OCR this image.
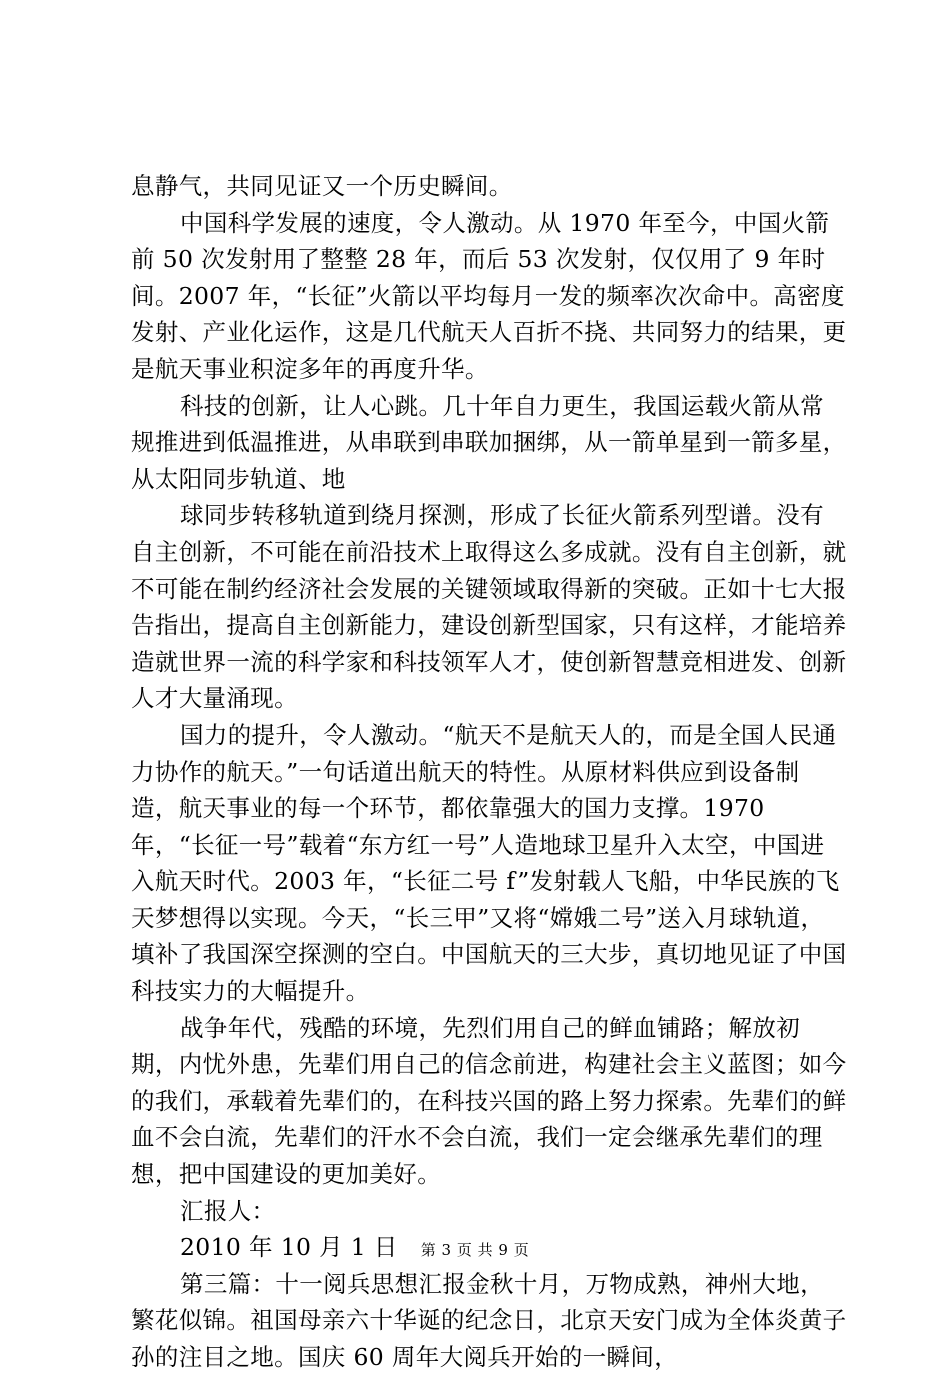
息静气，共同见证又一个历史瞬间。

中国科学发展的速度，令人激动。从 1970 年至今，中国火箭前 50 次发射用了整整 28 年，而后 53 次发射，仅仅用了 9 年时间。2007 年，“长征”火箭以平均每月一发的频率次次命中。高密度发射、产业化运作，这是几代航天人百折不挠、共同努力的结果，更是航天事业积淀多年的再度升华。

科技的创新，让人心跳。几十年自力更生，我国运载火箭从常规推进到低温推进，从串联到串联加捆绑，从一箭单星到一箭多星，从太阳同步轨道、地

球同步转移轨道到绕月探测，形成了长征火箭系列型谱。没有自主创新，不可能在前沿技术上取得这么多成就。没有自主创新，就不可能在制约经济社会发展的关键领域取得新的突破。正如十七大报告指出，提高自主创新能力，建设创新型国家，只有这样，才能培养造就世界一流的科学家和科技领军人才，使创新智慧竞相进发、创新人才大量涌现。

国力的提升，令人激动。“航天不是航天人的，而是全国人民通力协作的航天。”一句话道出航天的特性。从原材料供应到设备制造，航天事业的每一个环节，都依靠强大的国力支撑。1970 年，“长征一号”载着“东方红一号”人造地球卫星升入太空，中国进入航天时代。2003 年，“长征二号 f”发射载人飞船，中华民族的飞天梦想得以实现。今天，“长三甲”又将“嫦娥二号”送入月球轨道，填补了我国深空探测的空白。中国航天的三大步，真切地见证了中国科技实力的大幅提升。

战争年代，残酷的环境，先烈们用自己的鲜血铺路；解放初期，内忧外患，先辈们用自己的信念前进，构建社会主义蓝图；如今的我们，承载着先辈们的，在科技兴国的路上努力探索。先辈们的鲜血不会白流，先辈们的汗水不会白流，我们一定会继承先辈们的理想，把中国建设的更加美好。

汇报人：

2010 年 10 月 1 日

第三篇：十一阅兵思想汇报金秋十月，万物成熟，神州大地，繁花似锦。祖国母亲六十华诞的纪念日，北京天安门成为全体炎黄子孙的注目之地。国庆 60 周年大阅兵开始的一瞬间，

第 3 页 共 9 页
